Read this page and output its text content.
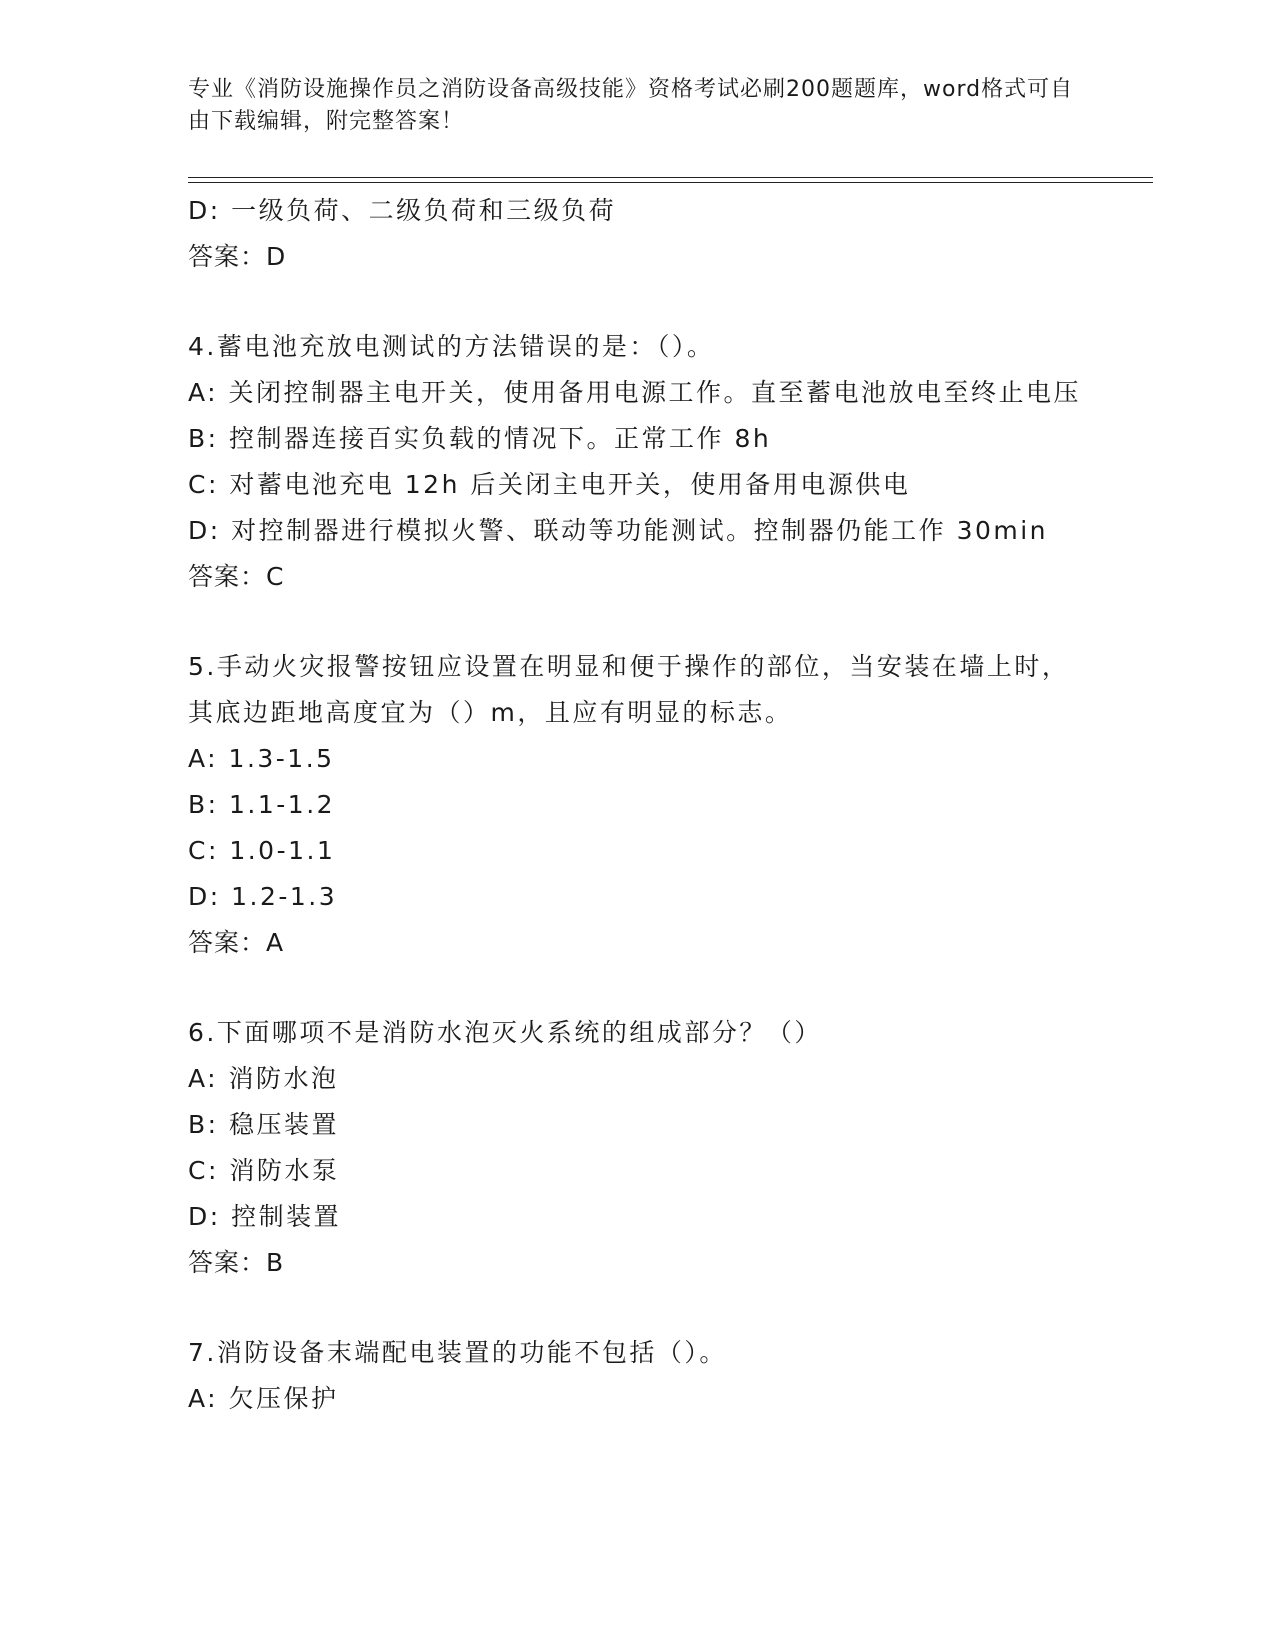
专业《消防设施操作员之消防设备高级技能》资格考试必刷200题题库，word格式可自由下载编辑，附完整答案！
D: 一级负荷、二级负荷和三级负荷
答案：D
4.蓄电池充放电测试的方法错误的是：（）。
A: 关闭控制器主电开关，使用备用电源工作。直至蓄电池放电至终止电压
B: 控制器连接百实负载的情况下。正常工作 8h
C: 对蓄电池充电 12h 后关闭主电开关，使用备用电源供电
D: 对控制器进行模拟火警、联动等功能测试。控制器仍能工作 30min
答案：C
5.手动火灾报警按钮应设置在明显和便于操作的部位，当安装在墙上时，其底边距地高度宜为（）m，且应有明显的标志。
A: 1.3-1.5
B: 1.1-1.2
C: 1.0-1.1
D: 1.2-1.3
答案：A
6.下面哪项不是消防水泡灭火系统的组成部分？（）
A: 消防水泡
B: 稳压装置
C: 消防水泵
D: 控制装置
答案：B
7.消防设备末端配电装置的功能不包括（）。
A: 欠压保护
